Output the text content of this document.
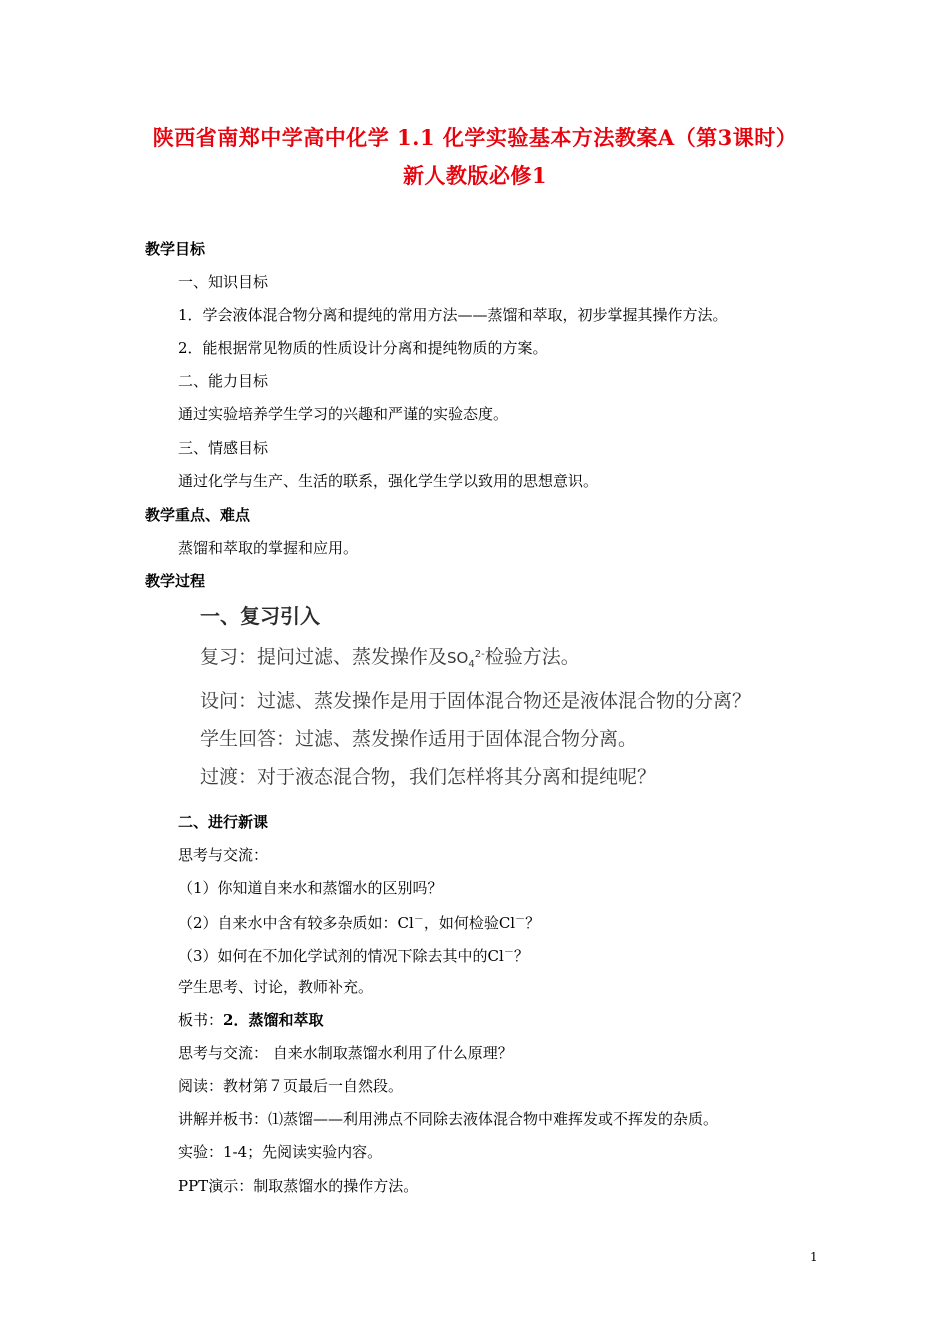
陕西省南郑中学高中化学 1.1 化学实验基本方法教案A（第3课时）
新人教版必修1
教学目标
一、知识目标
1．学会液体混合物分离和提纯的常用方法——蒸馏和萃取，初步掌握其操作方法。
2．能根据常见物质的性质设计分离和提纯物质的方案。
二、能力目标
通过实验培养学生学习的兴趣和严谨的实验态度。
三、情感目标
通过化学与生产、生活的联系，强化学生学以致用的思想意识。
教学重点、难点
蒸馏和萃取的掌握和应用。
教学过程
一、复习引入
复习：提问过滤、蒸发操作及$SO_4^{2-}$检验方法。
设问：过滤、蒸发操作是用于固体混合物还是液体混合物的分离？
学生回答：过滤、蒸发操作适用于固体混合物分离。
过渡：对于液态混合物，我们怎样将其分离和提纯呢？
二、进行新课
思考与交流：
（1）你知道自来水和蒸馏水的区别吗？
（2）自来水中含有较多杂质如：Cl－，如何检验Cl－？
（3）如何在不加化学试剂的情况下除去其中的Cl－？
学生思考、讨论，教师补充。
板书：2．蒸馏和萃取
思考与交流： 自来水制取蒸馏水利用了什么原理？
阅读：教材第７页最后一自然段。
讲解并板书：⑴蒸馏——利用沸点不同除去液体混合物中难挥发或不挥发的杂质。
实验：1-4；先阅读实验内容。
PPT演示：制取蒸馏水的操作方法。
1
